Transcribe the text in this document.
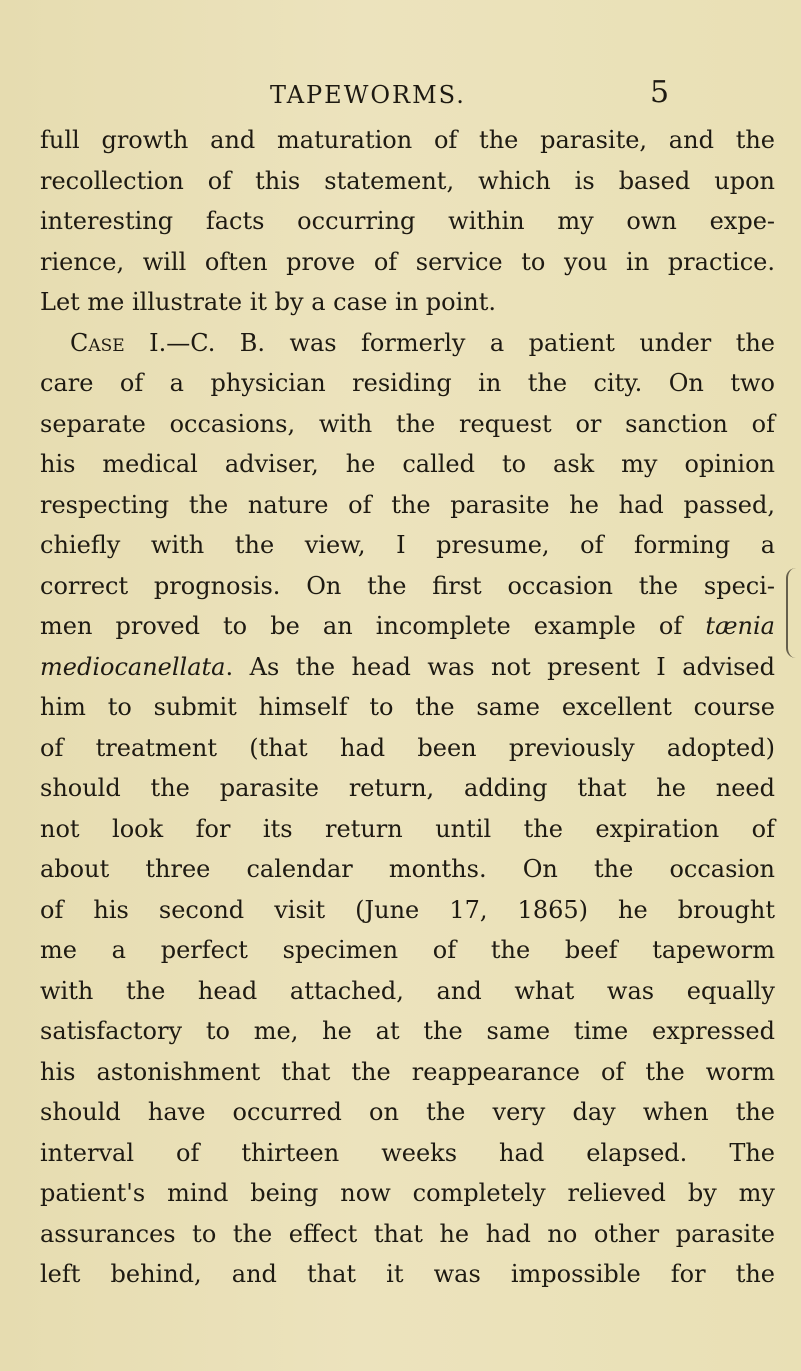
TAPEWORMS.	5
full growth and maturation of the parasite, and the
recollection of this statement, which is based upon
interesting facts occurring within my own expe-
rience, will often prove of service to you in practice.
Let me illustrate it by a case in point.
Case I.—C. B. was formerly a patient under the
care of a physician residing in the city. On two
separate occasions, with the request or sanction of
his medical adviser, he called to ask my opinion
respecting the nature of the parasite he had passed,
chiefly with the view, I presume, of forming a
correct prognosis. On the first occasion the speci-
men proved to be an incomplete example of tænia
mediocanellata. As the head was not present I advised
him to submit himself to the same excellent course
of treatment (that had been previously adopted)
should the parasite return, adding that he need
not look for its return until the expiration of
about three calendar months. On the occasion
of his second visit (June 17, 1865) he brought
me a perfect specimen of the beef tapeworm
with the head attached, and what was equally
satisfactory to me, he at the same time expressed
his astonishment that the reappearance of the worm
should have occurred on the very day when the
interval of thirteen weeks had elapsed. The
patient's mind being now completely relieved by my
assurances to the effect that he had no other parasite
left behind, and that it was impossible for the
